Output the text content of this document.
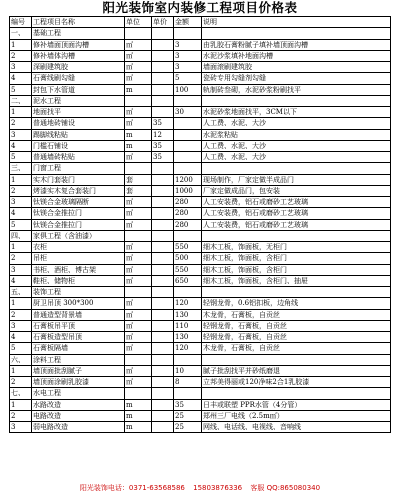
阳光装饰室内装修工程项目价格表
编号	工程项目名称	单位	单价	金额	说明
一、	基础工程				
1	修补墙面顶面沟槽	㎡		3	由乳胶石膏粉腻子填补墙顶面沟槽
2	修补墙体沟槽	㎡		3	水泥沙浆填补地面沟槽
3	深刷建筑胶	㎡		3	墙面滚刷建筑胶
4	石膏线刷勾缝	㎡		5	瓷砖专用勾缝剂勾缝
5	封包下水管道	m		100	轨制砖叁砌，水泥砂浆粉刷找平
二、	泥水工程				
1	地面找平	㎡		30	水泥砂浆地面找平，3CM以下
2	普通地砖铺设	㎡	35		人工费、水泥、大沙
3	踢脚线粘贴	m	12		水泥浆粘贴
4	门槛石铺设	m	35		人工费、水泥、大沙
5	普通墙砖粘贴	㎡	35		人工费、水泥、大沙
三、	门窗工程				
1	实木门套装门	套		1200	现场制作，厂家定做半成品门
2	烤漆实木复合套装门	套		1000	厂家定做成品门，包安装
3	钛镁合金玻璃隔断	㎡		280	人工安装费，铝石或磨砂工艺玻璃
4	钛镁合金推拉门	㎡		280	人工安装费，铝石或磨砂工艺玻璃
5	钛镁合金推拉门	㎡		280	人工安装费，铝石或磨砂工艺玻璃
四、	家俱工程（含油漆）				
1	衣柜	㎡		550	细木工板，饰面板，无柜门
2	吊柜	㎡		500	细木工板，饰面板，含柜门
3	书柜、酒柜、博古架	㎡		550	细木工板，饰面板，含柜门
4	鞋柜、储物柜	㎡		650	细木工板，饰面板，含柜门、抽屉
五、	装饰工程				
1	厨卫吊顶 300*300	㎡		120	轻钢龙骨，0.6铝扣板，边角线
2	普通造型背景墙	㎡		130	木龙骨，石膏板，自贡丝
3	石膏板吊平顶	㎡		110	轻钢龙骨，石膏板，自贡丝
4	石膏板造型吊顶	㎡		130	轻钢龙骨，石膏板，自贡丝
5	石膏板隔墙	㎡		120	木龙骨，石膏板，自贡丝
六、	涂料工程				
1	墙顶面批刮腻子	㎡		10	腻子批刮找平并砂纸磨退
2	墙顶面涂刷乳胶漆	㎡		8	立邦美得丽或120净味2合1乳胶漆
七、	水电工程				
1	水路改造	m		35	日丰或联塑 PPR水管（4分管）
2	电路改造	m		25	郑州三厂电线（2.5m㎡）
3	弱电路改造	m		25	网线、电话线、电视线、音响线
阳光装饰电话：0371-63568586 15803876336 客服 QQ:865080340
